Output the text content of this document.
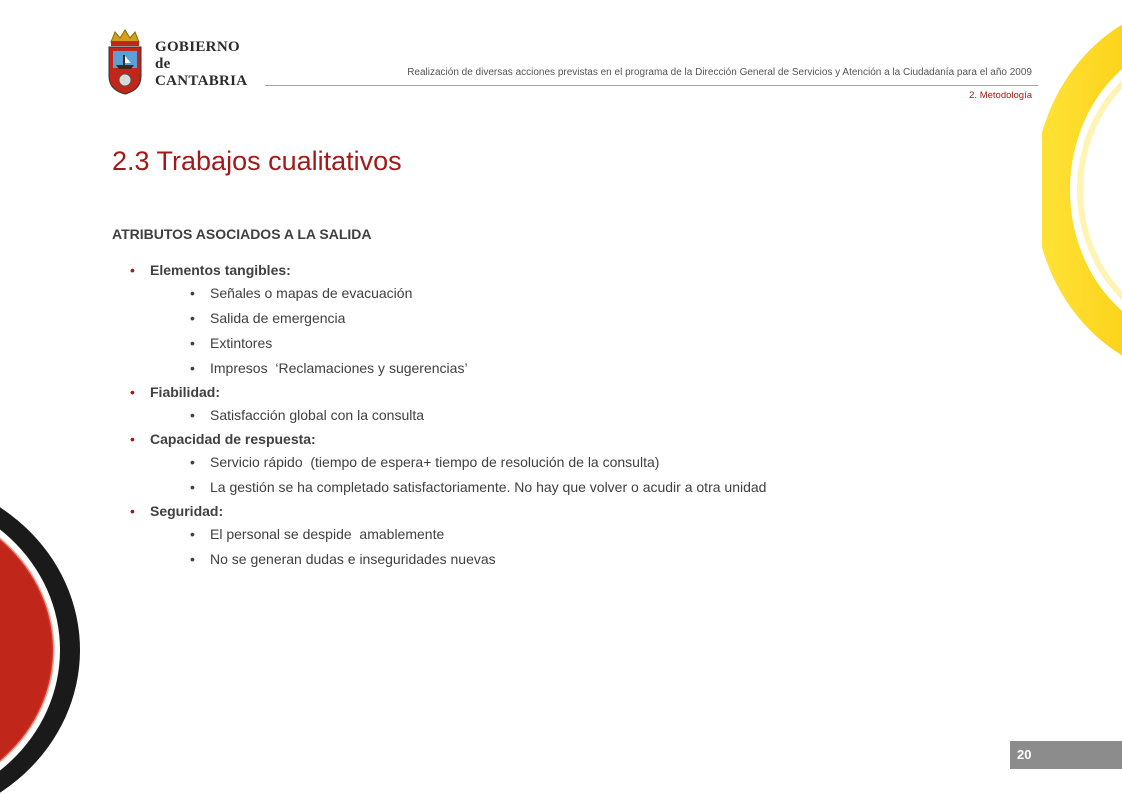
GOBIERNO
de
CANTABRIA
Realización de diversas acciones previstas en el programa de la Dirección General de Servicios y Atención a la Ciudadanía para el año 2009
2. Metodología
2.3 Trabajos cualitativos
ATRIBUTOS ASOCIADOS A LA SALIDA
•	Elementos tangibles:
•	Señales o mapas de evacuación
•	Salida de emergencia
•	Extintores
•	Impresos  ‘Reclamaciones y sugerencias’
•	Fiabilidad:
•	Satisfacción global con la consulta
•	Capacidad de respuesta:
•	Servicio rápido  (tiempo de espera+ tiempo de resolución de la consulta)
•	La gestión se ha completado satisfactoriamente. No hay que volver o acudir a otra unidad
•	Seguridad:
•	El personal se despide  amablemente
•	No se generan dudas e inseguridades nuevas
20
